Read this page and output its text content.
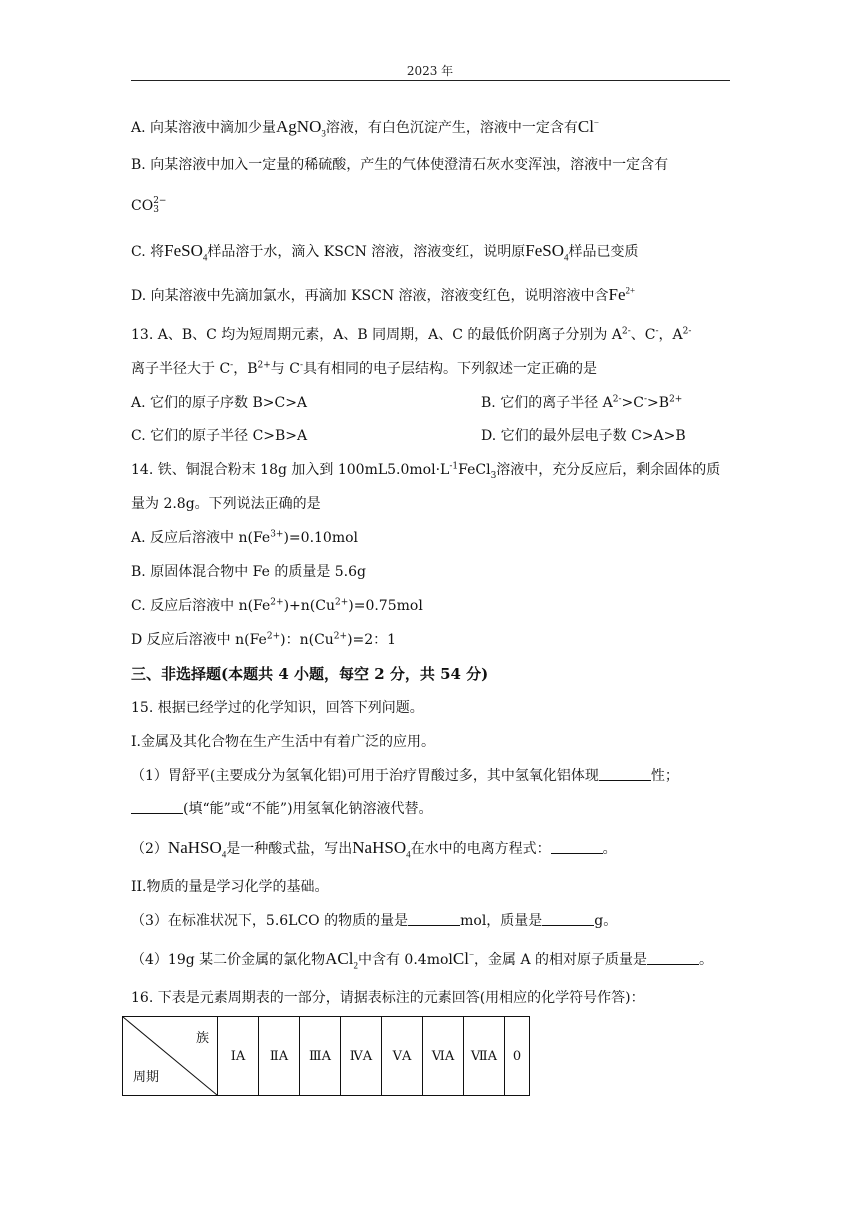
2023 年
A. 向某溶液中滴加少量AgNO$_3$溶液，有白色沉淀产生，溶液中一定含有Cl−
B. 向某溶液中加入一定量的稀硫酸，产生的气体使澄清石灰水变浑浊，溶液中一定含有
CO 2−
3
C. 将FeSO$_4$样品溶于水，滴入 KSCN 溶液，溶液变红，说明原FeSO$_4$样品已变质
D. 向某溶液中先滴加氯水，再滴加 KSCN 溶液，溶液变红色，说明溶液中含$Fe^{2+}$
13. A、B、C 均为短周期元素，A、B 同周期，A、C 的最低价阴离子分别为 $A^{2-}$、C-，$A^{2-}$
离子半径大于 C-，$B^{2+}$与 C-具有相同的电子层结构。下列叙述一定正确的是
A. 它们的原子序数 B>C>A	B. 它们的离子半径 $A^{2-}>C^->B^{2+}$
C. 它们的原子半径 C>B>A	D. 它们的最外层电子数 C>A>B
14. 铁、铜混合粉末 18g 加入到 $100mL5.0mol\cdot L^{-1}FeCl_3$溶液中，充分反应后，剩余固体的质
量为 2.8g。下列说法正确的是
A. 反应后溶液中 $n(Fe^{3+})=0.10mol$
B. 原固体混合物中 Fe 的质量是 5.6g
C. 反应后溶液中 $n(Fe^{2+})+n(Cu^{2+})=0.75mol$
D 反应后溶液中 $n(Fe^{2+})$：$n(Cu^{2+})=2$：1
三、非选择题(本题共 4 小题，每空 2 分，共 54 分)
15. 根据已经学过的化学知识，回答下列问题。
I.金属及其化合物在生产生活中有着广泛的应用。
（1）胃舒平(主要成分为氢氧化铝)可用于治疗胃酸过多，其中氢氧化铝体现	性；
(填“能”或“不能”)用氢氧化钠溶液代替。
（2）NaHSO$_4$是一种酸式盐，写出NaHSO$_4$在水中的电离方程式：	。
II.物质的量是学习化学的基础。
（3）在标准状况下，5.6LCO 的物质的量是	mol，质量是	g。
（4）19g 某二价金属的氯化物ACl$_2$中含有 0.4molCl−，金属 A 的相对原子质量是	。
16. 下表是元素周期表的一部分，请据表标注的元素回答(用相应的化学符号作答)：
族
周期
	ⅠA	ⅡA	ⅢA	ⅣA	ⅤA	ⅥA	ⅦA	0
